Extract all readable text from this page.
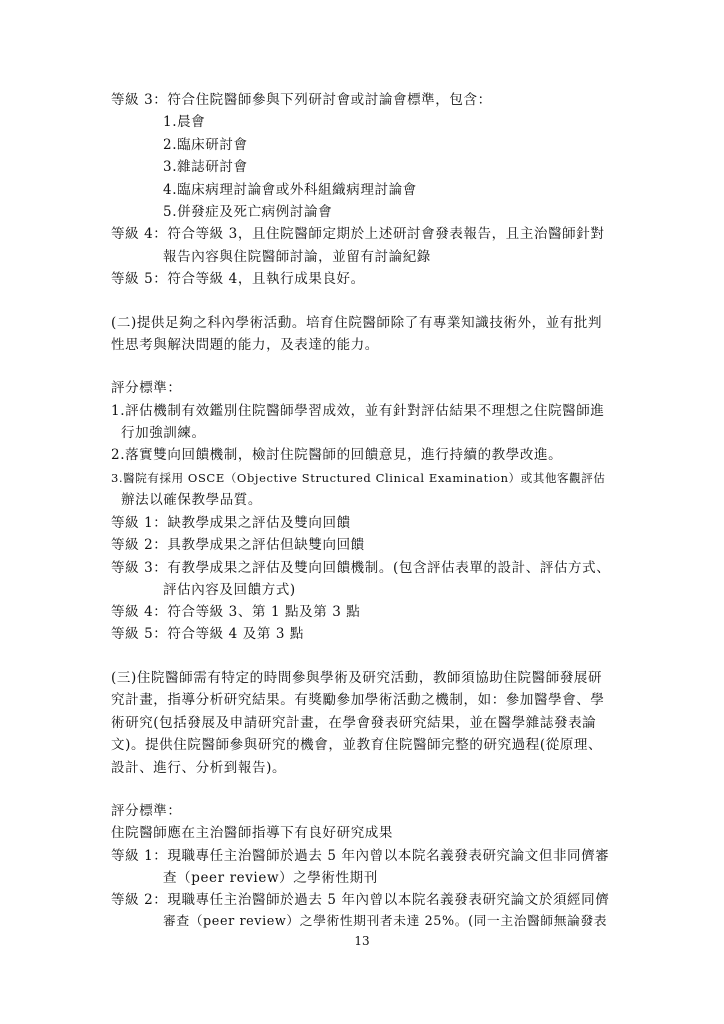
等級 3：符合住院醫師參與下列研討會或討論會標準，包含：
1.晨會
2.臨床研討會
3.雜誌研討會
4.臨床病理討論會或外科組織病理討論會
5.併發症及死亡病例討論會
等級 4：符合等級 3，且住院醫師定期於上述研討會發表報告，且主治醫師針對
報告內容與住院醫師討論，並留有討論紀錄
等級 5：符合等級 4，且執行成果良好。
(二)提供足夠之科內學術活動。培育住院醫師除了有專業知識技術外，並有批判
性思考與解決問題的能力，及表達的能力。
評分標準：
1.評估機制有效鑑別住院醫師學習成效，並有針對評估結果不理想之住院醫師進
行加強訓練。
2.落實雙向回饋機制，檢討住院醫師的回饋意見，進行持續的教學改進。
3.醫院有採用 OSCE（Objective Structured Clinical Examination）或其他客觀評估
辦法以確保教學品質。
等級 1：缺教學成果之評估及雙向回饋
等級 2：具教學成果之評估但缺雙向回饋
等級 3：有教學成果之評估及雙向回饋機制。(包含評估表單的設計、評估方式、
評估內容及回饋方式)
等級 4：符合等級 3、第 1 點及第 3 點
等級 5：符合等級 4 及第 3 點
(三)住院醫師需有特定的時間參與學術及研究活動，教師須協助住院醫師發展研
究計畫，指導分析研究結果。有獎勵參加學術活動之機制，如：參加醫學會、學
術研究(包括發展及申請研究計畫，在學會發表研究結果，並在醫學雜誌發表論
文)。提供住院醫師參與研究的機會，並教育住院醫師完整的研究過程(從原理、
設計、進行、分析到報告)。
評分標準：
住院醫師應在主治醫師指導下有良好研究成果
等級 1：現職專任主治醫師於過去 5 年內曾以本院名義發表研究論文但非同儕審
查（peer review）之學術性期刊
等級 2：現職專任主治醫師於過去 5 年內曾以本院名義發表研究論文於須經同儕
審查（peer review）之學術性期刊者未達 25%。(同一主治醫師無論發表
13
